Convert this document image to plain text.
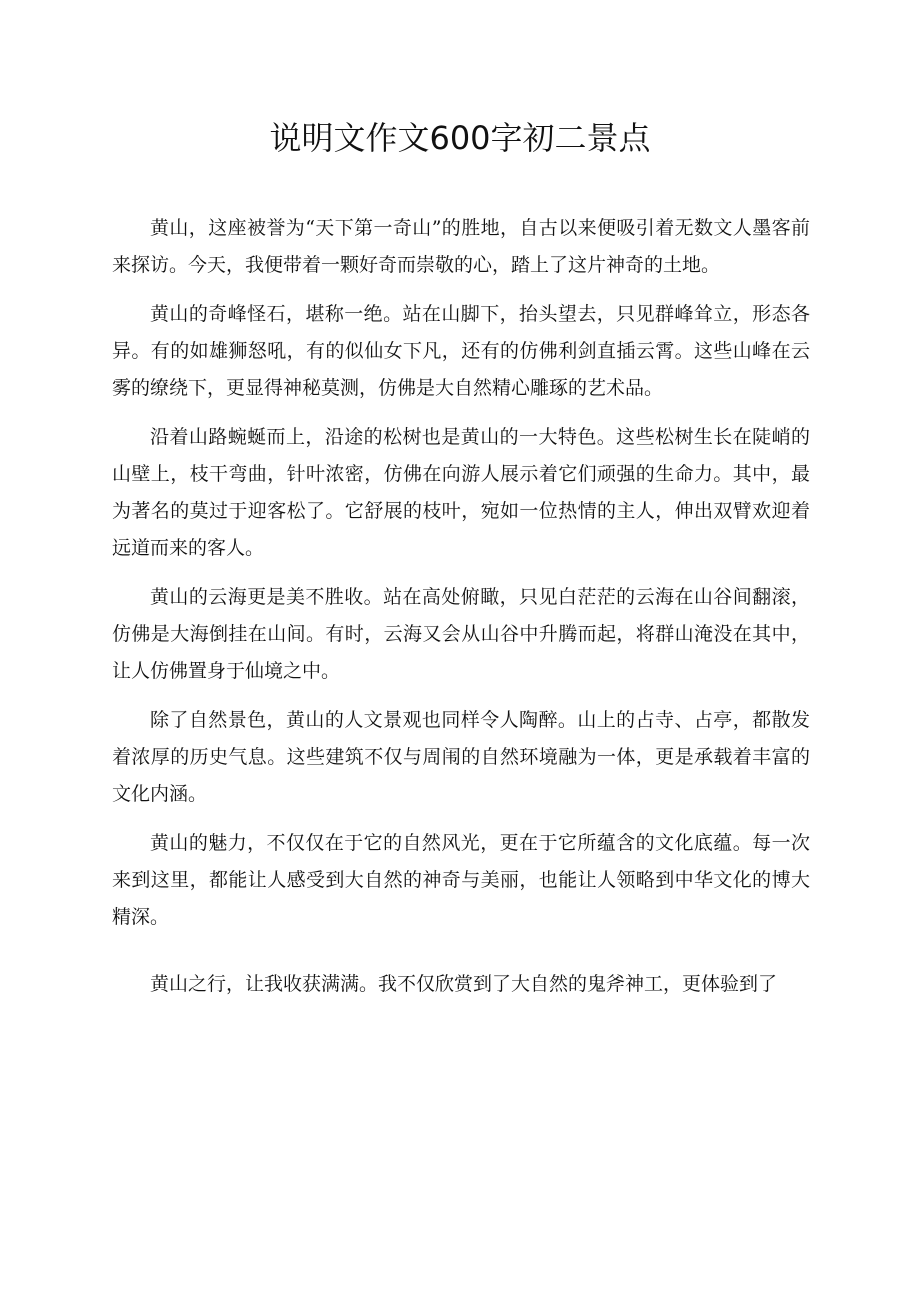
说明文作文600字初二景点

黄山，这座被誉为“天下第一奇山”的胜地，自古以来便吸引着无数文人墨客前来探访。今天，我便带着一颗好奇而崇敬的心，踏上了这片神奇的土地。

黄山的奇峰怪石，堪称一绝。站在山脚下，抬头望去，只见群峰耸立，形态各异。有的如雄狮怒吼，有的似仙女下凡，还有的仿佛利剑直插云霄。这些山峰在云雾的缭绕下，更显得神秘莫测，仿佛是大自然精心雕琢的艺术品。

沿着山路蜿蜒而上，沿途的松树也是黄山的一大特色。这些松树生长在陡峭的山壁上，枝干弯曲，针叶浓密，仿佛在向游人展示着它们顽强的生命力。其中，最为著名的莫过于迎客松了。它舒展的枝叶，宛如一位热情的主人，伸出双臂欢迎着远道而来的客人。

黄山的云海更是美不胜收。站在高处俯瞰，只见白茫茫的云海在山谷间翻滚，仿佛是大海倒挂在山间。有时，云海又会从山谷中升腾而起，将群山淹没在其中，让人仿佛置身于仙境之中。

除了自然景色，黄山的人文景观也同样令人陶醉。山上的占寺、占亭，都散发着浓厚的历史气息。这些建筑不仅与周闱的自然环境融为一体，更是承载着丰富的文化内涵。

黄山的魅力，不仅仅在于它的自然风光，更在于它所蕴含的文化底蕴。每一次来到这里，都能让人感受到大自然的神奇与美丽，也能让人领略到中华文化的博大精深。

黄山之行，让我收获满满。我不仅欣赏到了大自然的鬼斧神工，更体验到了
